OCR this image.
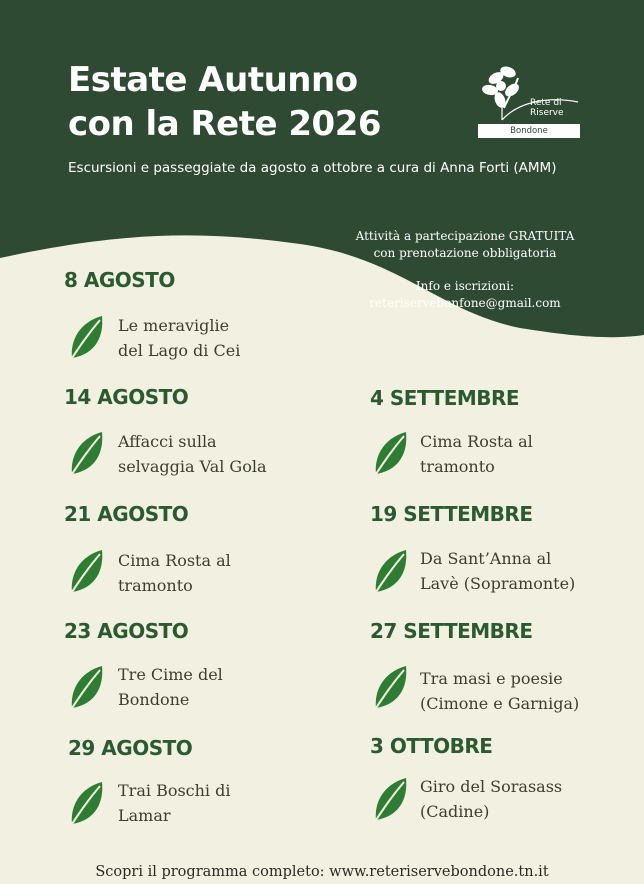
Estate Autunno
con la Rete 2026
Escursioni e passeggiate da agosto a ottobre a cura di Anna Forti (AMM)
Rete di
Riserve
Bondone
Attività a partecipazione GRATUITA
con prenotazione obbligatoria
Info e iscrizioni:
reteriservebonfone@gmail.com
8 AGOSTO
Le meraviglie
del Lago di Cei
14 AGOSTO
Affacci sulla
selvaggia Val Gola
21 AGOSTO
Cima Rosta al
tramonto
23 AGOSTO
Tre Cime del
Bondone
29 AGOSTO
Trai Boschi di
Lamar
4 SETTEMBRE
Cima Rosta al
tramonto
19 SETTEMBRE
Da Sant’Anna al
Lavè (Sopramonte)
27 SETTEMBRE
Tra masi e poesie
(Cimone e Garniga)
3 OTTOBRE
Giro del Sorasass
(Cadine)
Scopri il programma completo: www.reteriservebondone.tn.it
